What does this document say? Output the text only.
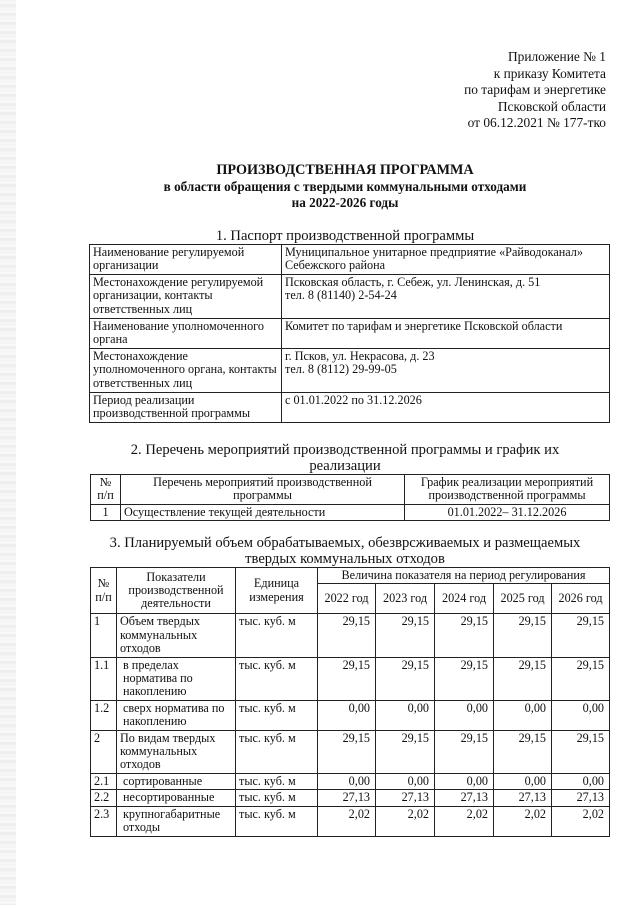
Приложение № 1
к приказу Комитета
по тарифам и энергетике
Псковской области
от 06.12.2021 № 177-тко
ПРОИЗВОДСТВЕННАЯ ПРОГРАММА
в области обращения с твердыми коммунальными отходами
на 2022-2026 годы
1. Паспорт производственной программы
Наименование регулируемой организации	Муниципальное унитарное предприятие «Райводоканал» Себежского района
Местонахождение регулируемой организации, контакты ответственных лиц	Псковская область, г. Себеж, ул. Ленинская, д. 51
тел. 8 (81140) 2-54-24

Наименование уполномоченного органа	Комитет по тарифам и энергетике Псковской области
Местонахождение уполномоченного органа, контакты ответственных лиц	г. Псков, ул. Некрасова, д. 23
тел. 8 (8112) 29-99-05

Период реализации производственной программы	с 01.01.2022 по 31.12.2026
2. Перечень мероприятий производственной программы и график их
реализации
№ п/п	Перечень мероприятий производственной программы	График реализации мероприятий производственной программы
1	Осуществление текущей деятельности	01.01.2022– 31.12.2026
3. Планируемый объем обрабатываемых, обезврсживаемых и размещаемых
твердых коммунальных отходов
№ п/п	Показатели производственной деятельности	Единица измерения	Величина показателя на период регулирования				
			2022 год	2023 год	2024 год	2025 год	2026 год
1	Объем твердых коммунальных отходов	тыс. куб. м	29,15	29,15	29,15	29,15	29,15
1.1	в пределах норматива по накоплению	тыс. куб. м	29,15	29,15	29,15	29,15	29,15
1.2	сверх норматива по накоплению	тыс. куб. м	0,00	0,00	0,00	0,00	0,00
2	По видам твердых коммунальных отходов	тыс. куб. м	29,15	29,15	29,15	29,15	29,15
2.1	сортированные	тыс. куб. м	0,00	0,00	0,00	0,00	0,00
2.2	несортированные	тыс. куб. м	27,13	27,13	27,13	27,13	27,13
2.3	крупногабаритные отходы	тыс. куб. м	2,02	2,02	2,02	2,02	2,02
